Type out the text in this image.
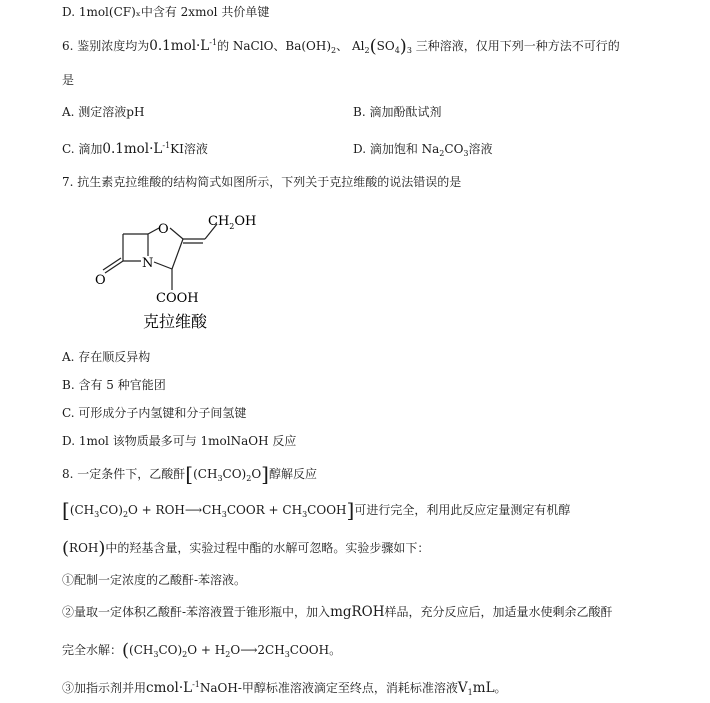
D. 1mol(CF)ₓ中含有 2xmol 共价单键
6. 鉴别浓度均为$0.1mol\cdot L^{-1}$的 NaClO、$Ba(OH)_2$、 $Al_2(SO_4)_3$ 三种溶液，仅用下列一种方法不可行的
是
A. 测定溶液pH	B. 滴加酚酞试剂
C. 滴加$0.1mol\cdot L^{-1}KI$溶液	D. 滴加饱和 $Na_2CO_3$溶液
7. 抗生素克拉维酸的结构简式如图所示，下列关于克拉维酸的说法错误的是
O
N
O
$CH_2OH$
COOH
克拉维酸
A. 存在顺反异构
B. 含有 5 种官能团
C. 可形成分子内氢键和分子间氢键
D. 1mol 该物质最多可与 1molNaOH 反应
8. 一定条件下，乙酸酐$[(CH_3CO)_2O]$醇解反应
[$(CH_3CO)_2O$ + $ROH⟶CH_3COOR$ + $CH_3COOH$]可进行完全，利用此反应定量测定有机醇
(ROH)中的羟基含量，实验过程中酯的水解可忽略。实验步骤如下：
①配制一定浓度的乙酸酐-苯溶液。
②量取一定体积乙酸酐-苯溶液置于锥形瓶中，加入mgROH样品，充分反应后，加适量水使剩余乙酸酐
完全水解：($(CH_3CO)_2O$ + $H_2O⟶2CH_3COOH$。
③加指示剂并用$cmol\cdot L^{-1}NaOH-$甲醇标准溶液滴定至终点，消耗标准溶液$V_1mL$。
